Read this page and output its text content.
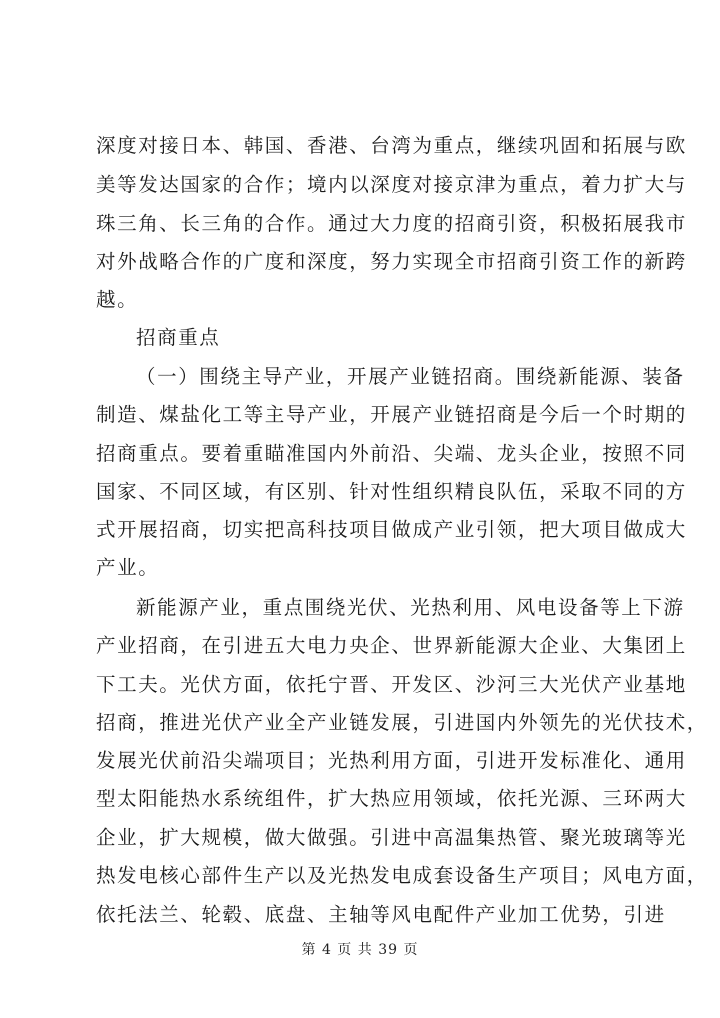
深度对接日本、韩国、香港、台湾为重点，继续巩固和拓展与欧
美等发达国家的合作；境内以深度对接京津为重点，着力扩大与
珠三角、长三角的合作。通过大力度的招商引资，积极拓展我市
对外战略合作的广度和深度，努力实现全市招商引资工作的新跨
越。
招商重点
（一）围绕主导产业，开展产业链招商。围绕新能源、装备
制造、煤盐化工等主导产业，开展产业链招商是今后一个时期的
招商重点。要着重瞄准国内外前沿、尖端、龙头企业，按照不同
国家、不同区域，有区别、针对性组织精良队伍，采取不同的方
式开展招商，切实把高科技项目做成产业引领，把大项目做成大
产业。
新能源产业，重点围绕光伏、光热利用、风电设备等上下游
产业招商，在引进五大电力央企、世界新能源大企业、大集团上
下工夫。光伏方面，依托宁晋、开发区、沙河三大光伏产业基地
招商，推进光伏产业全产业链发展，引进国内外领先的光伏技术，
发展光伏前沿尖端项目；光热利用方面，引进开发标准化、通用
型太阳能热水系统组件，扩大热应用领域，依托光源、三环两大
企业，扩大规模，做大做强。引进中高温集热管、聚光玻璃等光
热发电核心部件生产以及光热发电成套设备生产项目；风电方面，
依托法兰、轮毂、底盘、主轴等风电配件产业加工优势，引进
第 4 页 共 39 页
